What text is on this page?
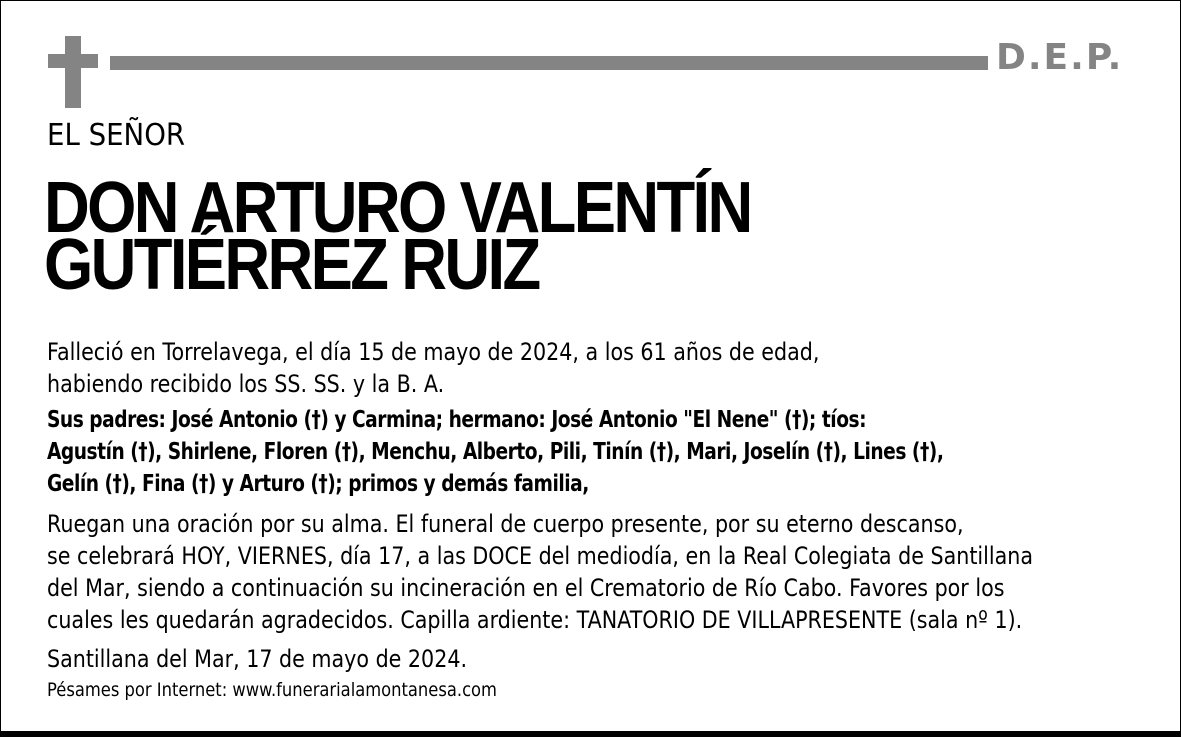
D.E.P.
EL SEÑOR
DON ARTURO VALENTÍN
GUTIÉRREZ RUIZ
Falleció en Torrelavega, el día 15 de mayo de 2024, a los 61 años de edad,
habiendo recibido los SS. SS. y la B. A.
Sus padres: José Antonio (†) y Carmina; hermano: José Antonio "El Nene" (†); tíos:
Agustín (†), Shirlene, Floren (†), Menchu, Alberto, Pili, Tinín (†), Mari, Joselín (†), Lines (†),
Gelín (†), Fina (†) y Arturo (†); primos y demás familia,
Ruegan una oración por su alma. El funeral de cuerpo presente, por su eterno descanso,
se celebrará HOY, VIERNES, día 17, a las DOCE del mediodía, en la Real Colegiata de Santillana
del Mar, siendo a continuación su incineración en el Crematorio de Río Cabo. Favores por los
cuales les quedarán agradecidos. Capilla ardiente: TANATORIO DE VILLAPRESENTE (sala nº 1).
Santillana del Mar, 17 de mayo de 2024.
Pésames por Internet: www.funerarialamontanesa.com
